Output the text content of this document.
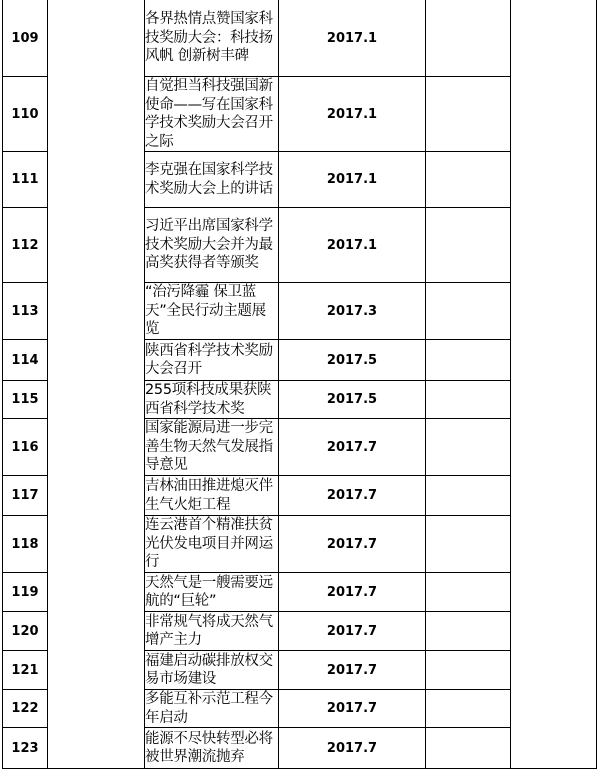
109		各界热情点赞国家科技奖励大会：科技扬风帆 创新树丰碑	2017.1		
110		自觉担当科技强国新使命——写在国家科学技术奖励大会召开之际	2017.1		
111		李克强在国家科学技术奖励大会上的讲话	2017.1		
112		习近平出席国家科学技术奖励大会并为最高奖获得者等颁奖	2017.1		
113		“治污降霾 保卫蓝天”全民行动主题展览	2017.3		
114		陕西省科学技术奖励大会召开	2017.5		
115		255项科技成果获陕西省科学技术奖	2017.5		
116		国家能源局进一步完善生物天然气发展指导意见	2017.7		
117		吉林油田推进熄灭伴生气火炬工程	2017.7		
118		连云港首个精准扶贫光伏发电项目并网运行	2017.7		
119		天然气是一艘需要远航的“巨轮”	2017.7		
120		非常规气将成天然气增产主力	2017.7		
121		福建启动碳排放权交易市场建设	2017.7		
122		多能互补示范工程今年启动	2017.7		
123		能源不尽快转型必将被世界潮流抛弃	2017.7		
